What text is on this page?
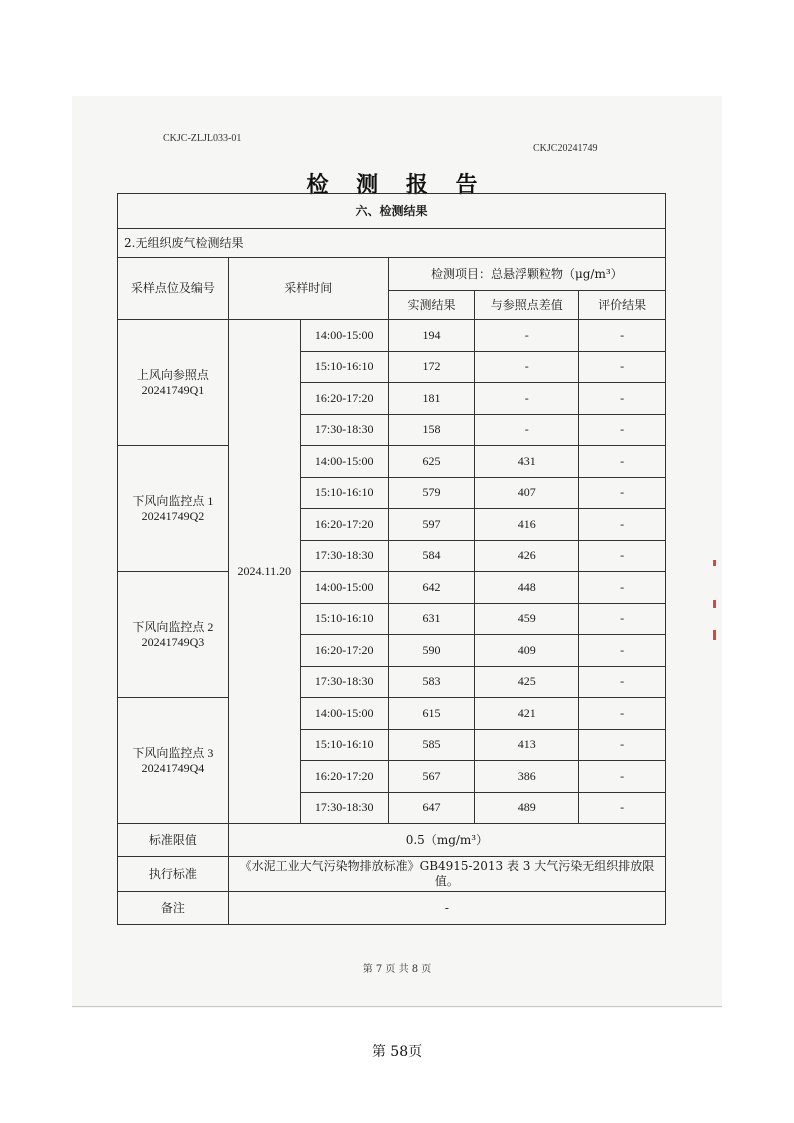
CKJC-ZLJL033-01
CKJC20241749
检 测 报 告
六、检测结果					
2.无组织废气检测结果					
采样点位及编号	采样时间		检测项目：总悬浮颗粒物（μg/m³）		
			实测结果	与参照点差值	评价结果
上风向参照点
20241749Q1	2024.11.20	14:00-15:00	194	-	-
		15:10-16:10	172	-	-
		16:20-17:20	181	-	-
		17:30-18:30	158	-	-
下风向监控点 1
20241749Q2		14:00-15:00	625	431	-
		15:10-16:10	579	407	-
		16:20-17:20	597	416	-
		17:30-18:30	584	426	-
下风向监控点 2
20241749Q3		14:00-15:00	642	448	-
		15:10-16:10	631	459	-
		16:20-17:20	590	409	-
		17:30-18:30	583	425	-
下风向监控点 3
20241749Q4		14:00-15:00	615	421	-
		15:10-16:10	585	413	-
		16:20-17:20	567	386	-
		17:30-18:30	647	489	-
标准限值	0.5（mg/m³）				
执行标准	《水泥工业大气污染物排放标准》GB4915-2013 表 3 大气污染无组织排放限值。				
备注	-				
第 7 页 共 8 页
第 58页
